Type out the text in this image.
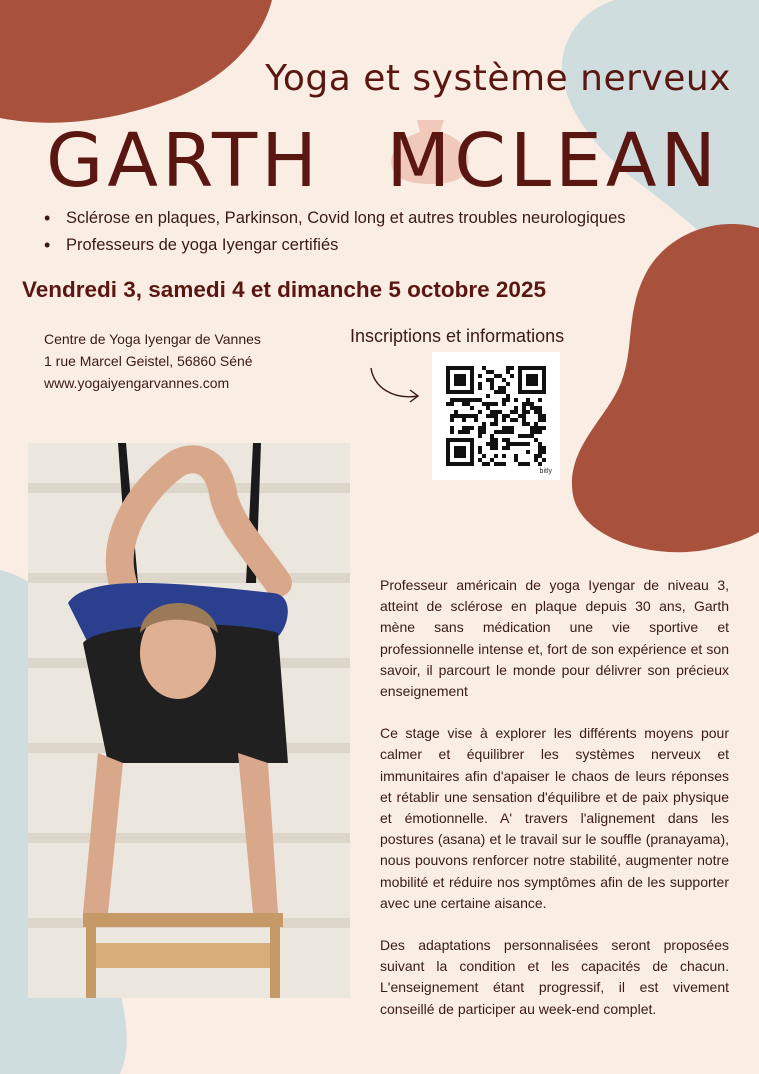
Yoga et système nerveux
GARTH MCLEAN
• Sclérose en plaques, Parkinson, Covid long et autres troubles neurologiques
• Professeurs de yoga Iyengar certifiés
Vendredi 3, samedi 4 et dimanche 5 octobre 2025
Centre de Yoga Iyengar de Vannes
1 rue Marcel Geistel, 56860 Séné
www.yogaiyengarvannes.com
Inscriptions et informations
bitly

Professeur américain de yoga Iyengar de niveau 3, atteint de sclérose en plaque depuis 30 ans, Garth mène sans médication une vie sportive et professionnelle intense et, fort de son expérience et son savoir, il parcourt le monde pour délivrer son précieux enseignement

Ce stage vise à explorer les différents moyens pour calmer et équilibrer les systèmes nerveux et immunitaires afin d'apaiser le chaos de leurs réponses et rétablir une sensation d'équilibre et de paix physique et émotionnelle. A' travers l'alignement dans les postures (asana) et le travail sur le souffle (pranayama), nous pouvons renforcer notre stabilité, augmenter notre mobilité et réduire nos symptômes afin de les supporter avec une certaine aisance.

Des adaptations personnalisées seront proposées suivant la condition et les capacités de chacun. L'enseignement étant progressif, il est vivement conseillé de participer au week-end complet.
